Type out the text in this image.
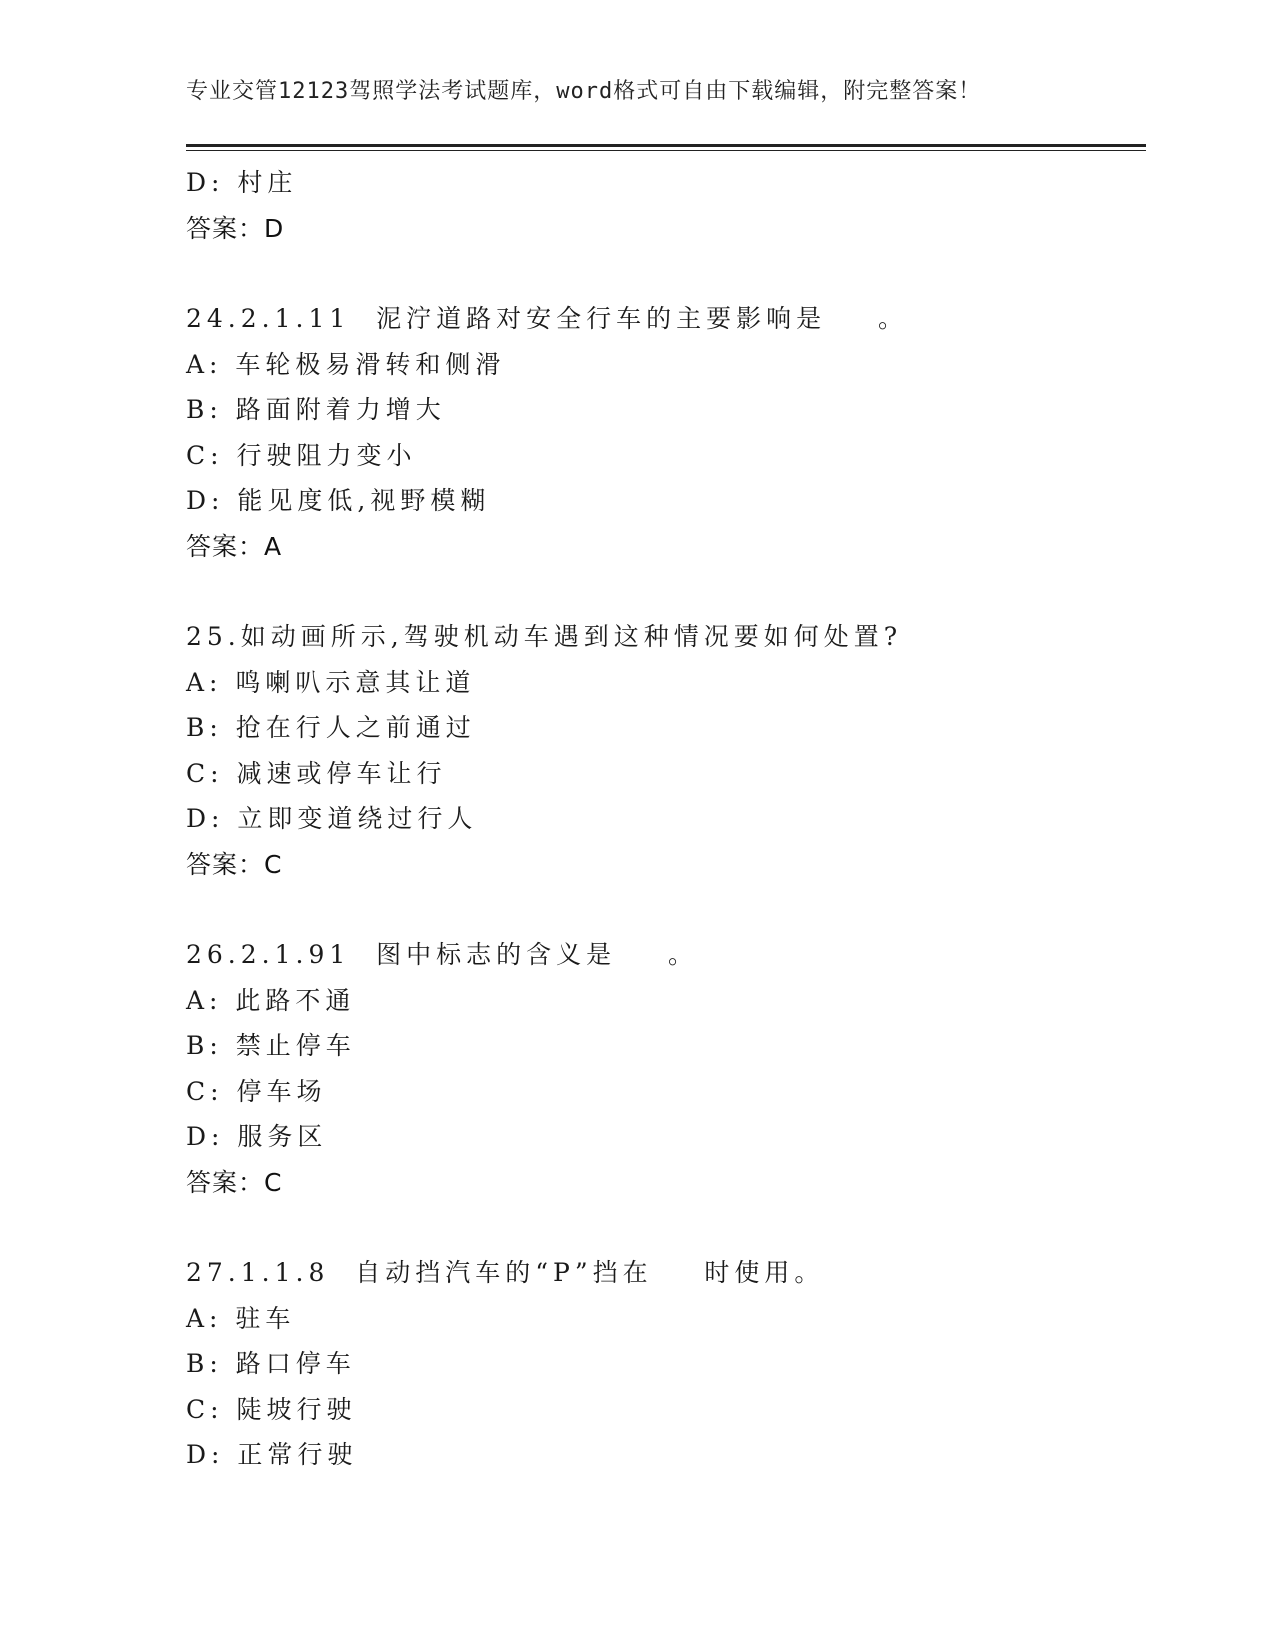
专业交管12123驾照学法考试题库，word格式可自由下载编辑，附完整答案！
D: 村庄
答案：D
24.2.1.11  泥泞道路对安全行车的主要影响是    。
A: 车轮极易滑转和侧滑
B: 路面附着力增大
C: 行驶阻力变小
D: 能见度低,视野模糊
答案：A
25.如动画所示,驾驶机动车遇到这种情况要如何处置?
A: 鸣喇叭示意其让道
B: 抢在行人之前通过
C: 减速或停车让行
D: 立即变道绕过行人
答案：C
26.2.1.91  图中标志的含义是    。
A: 此路不通
B: 禁止停车
C: 停车场
D: 服务区
答案：C
27.1.1.8  自动挡汽车的“P”挡在    时使用。
A: 驻车
B: 路口停车
C: 陡坡行驶
D: 正常行驶
